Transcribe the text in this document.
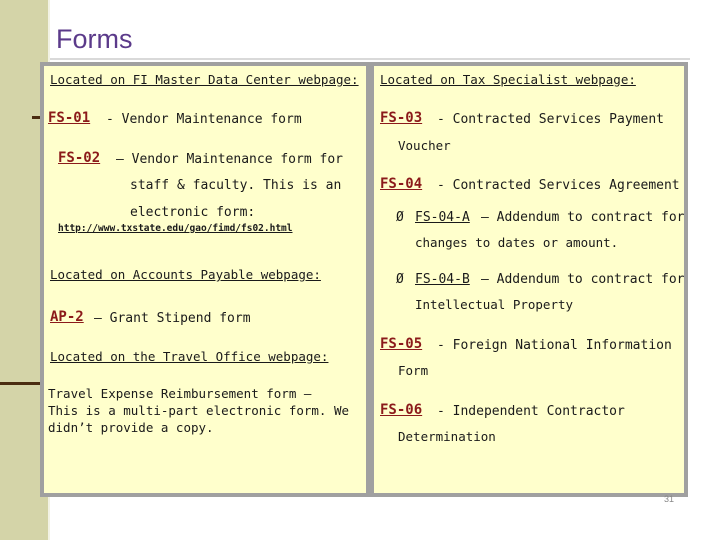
Forms
Located on FI Master Data Center webpage:
FS-01 - Vendor Maintenance form
FS-02 – Vendor Maintenance form for
staff & faculty. This is an
electronic form:
http://www.txstate.edu/gao/fimd/fs02.html
Located on Accounts Payable webpage:
AP-2 – Grant Stipend form
Located on the Travel Office webpage:
Travel Expense Reimbursement form –
This is a multi-part electronic form. We
didn’t provide a copy.
Located on Tax Specialist webpage:
FS-03 - Contracted Services Payment
Voucher
FS-04 - Contracted Services Agreement
Ø FS-04-A – Addendum to contract for
changes to dates or amount.
Ø FS-04-B – Addendum to contract for
Intellectual Property
FS-05 - Foreign National Information
Form
FS-06 - Independent Contractor
Determination
31
